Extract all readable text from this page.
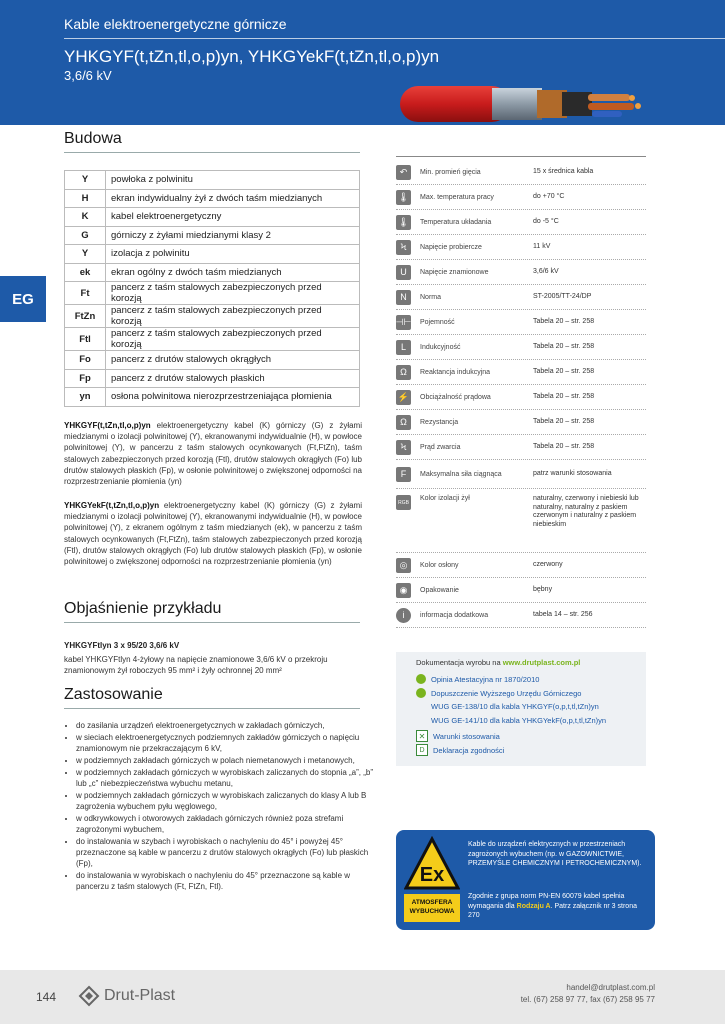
Kable elektroenergetyczne górnicze
YHKGYF(t,tZn,tl,o,p)yn, YHKGYekF(t,tZn,tl,o,p)yn
3,6/6 kV
EG
Budowa
Y	powłoka z polwinitu
H	ekran indywidualny żył z dwóch taśm miedzianych
K	kabel elektroenergetyczny
G	górniczy z żyłami miedzianymi klasy 2
Y	izolacja z polwinitu
ek	ekran ogólny z dwóch taśm miedzianych
Ft	pancerz z taśm stalowych zabezpieczonych przed korozją
FtZn	pancerz z taśm stalowych zabezpieczonych przed korozją
Ftl	pancerz z taśm stalowych zabezpieczonych przed korozją
Fo	pancerz z drutów stalowych okrągłych
Fp	pancerz z drutów stalowych płaskich
yn	osłona polwinitowa nierozprzestrzeniająca płomienia
YHKGYF(t,tZn,tl,o,p)yn elektroenergetyczny kabel (K) górniczy (G) z żyłami miedzianymi o izolacji polwinitowej (Y), ekranowanymi indywidualnie (H), w powłoce polwinitowej (Y), w pancerzu z taśm stalowych ocynkowanych (Ft,FtZn), taśm stalowych zabezpieczonych przed korozją (Ftl), drutów stalowych okrągłych (Fo) lub drutów stalowych płaskich (Fp), w osłonie polwinitowej o zwiększonej odporności na rozprzestrzenianie płomienia (yn)
YHKGYekF(t,tZn,tl,o,p)yn elektroenergetyczny kabel (K) górniczy (G) z żyłami miedzianymi o izolacji polwinitowej (Y), ekranowanymi indywidualnie (H), w powłoce polwinitowej (Y), z ekranem ogólnym z taśm miedzianych (ek), w pancerzu z taśm stalowych ocynkowanych (Ft,FtZn), taśm stalowych zabezpieczonych przed korozją (Ftl), drutów stalowych okrągłych (Fo) lub drutów stalowych płaskich (Fp), w osłonie polwinitowej o zwiększonej odporności na rozprzestrzenianie płomienia (yn)
Objaśnienie przykładu
YHKGYFtlyn 3 x 95/20 3,6/6 kV
kabel YHKGYFtlyn 4-żyłowy na napięcie znamionowe 3,6/6 kV o przekroju znamionowym żył roboczych 95 mm² i żyły ochronnej 20 mm²
Zastosowanie
• do zasilania urządzeń elektroenergetycznych w zakładach górniczych,
• w sieciach elektroenergetycznych podziemnych zakładów górniczych o napięciu znamionowym nie przekraczającym 6 kV,
• w podziemnych zakładach górniczych w polach niemetanowych i metanowych,
• w podziemnych zakładach górniczych w wyrobiskach zaliczanych do stopnia „a”, „b” lub „c” niebezpieczeństwa wybuchu metanu,
• w podziemnych zakładach górniczych w wyrobiskach zaliczanych do klasy A lub B zagrożenia wybuchem pyłu węglowego,
• w odkrywkowych i otworowych zakładach górniczych również poza strefami zagrożonymi wybuchem,
• do instalowania w szybach i wyrobiskach o nachyleniu do 45° i powyżej 45° przeznaczone są kable w pancerzu z drutów stalowych okrągłych (Fo) lub płaskich (Fp),
• do instalowania w wyrobiskach o nachyleniu do 45° przeznaczone są kable w pancerzu z taśm stalowych (Ft, FtZn, Ftl).
↶	Min. promień gięcia	15 x średnica kabla
🌡 Max. temperatura pracy	do +70 °C
🌡 Temperatura układania	do -5 °C
Ϟ	Napięcie probiercze	11 kV
U	Napięcie znamionowe	3,6/6 kV
N	Norma	ST-2005/TT-24/DP
⊣⊢ Pojemność	Tabela 20 – str. 258
L	Indukcyjność	Tabela 20 – str. 258
Ω	Reaktancja indukcyjna	Tabela 20 – str. 258
⚡ Obciążalność prądowa	Tabela 20 – str. 258
Ω	Rezystancja	Tabela 20 – str. 258
Ϟ	Prąd zwarcia	Tabela 20 – str. 258
F	Maksymalna siła ciągnąca	patrz warunki stosowania
RGB
Kolor izolacji żył	naturalny, czerwony i niebieski lub naturalny, naturalny z paskiem czerwonym i naturalny z paskiem niebieskim
◎	Kolor osłony	czerwony
◉	Opakowanie	bębny
i	informacja dodatkowa	tabela 14 – str. 256
Dokumentacja wyrobu na www.drutplast.com.pl
Opinia Atestacyjna nr 1870/2010
Dopuszczenie Wyższego Urzędu Górniczego
WUG GE-138/10 dla kabla YHKGYF(o,p,t,tl,tZn)yn
WUG GE-141/10 dla kabla YHKGYekF(o,p,t,tl,tZn)yn
✕	Warunki stosowania
D	Deklaracja zgodności
Ex
ATMOSFERA
WYBUCHOWA
Kable do urządzeń elektrycznych w przestrzeniach zagrożonych wybuchem (np. w GAZOWNICTWIE, PRZEMYŚLE CHEMICZNYM I PETROCHEMICZNYM).
Zgodnie z grupa norm PN-EN 60079 kabel spełnia wymagania dla Rodzaju A. Patrz załącznik nr 3 strona 270
144	Drut-Plast	handel@drutplast.com.pl
tel. (67) 258 97 77, fax (67) 258 95 77
